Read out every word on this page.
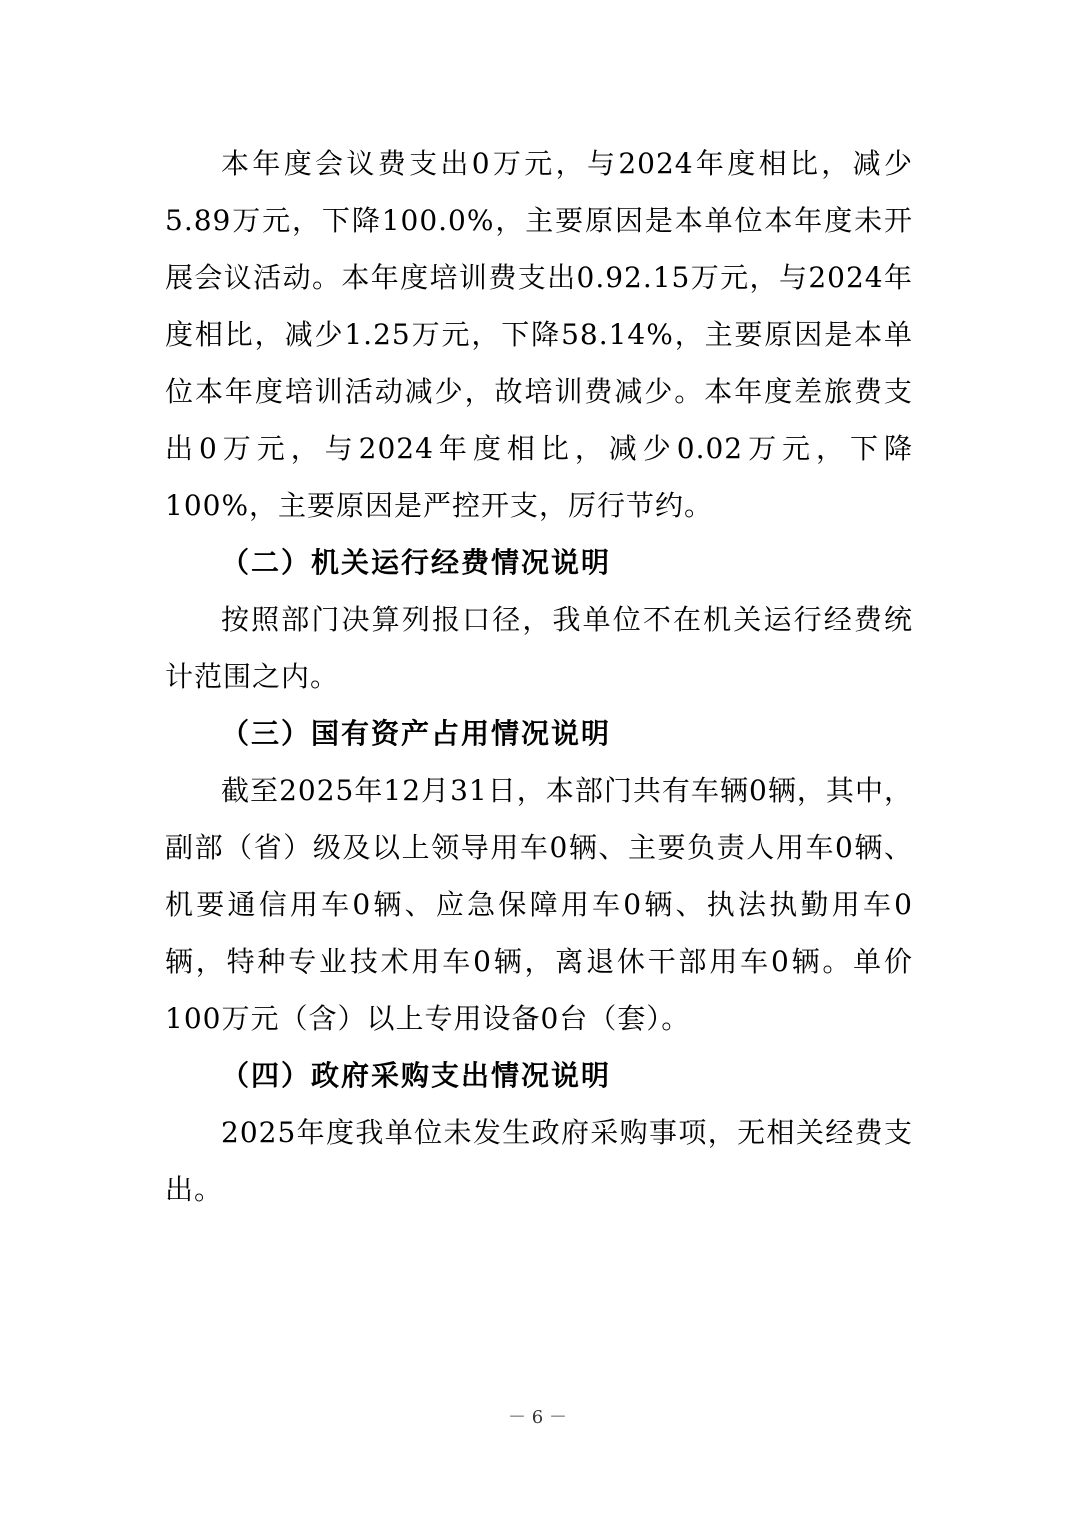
本年度会议费支出0万元，与2024年度相比，减少5.89万元，下降100.0%，主要原因是本单位本年度未开展会议活动。本年度培训费支出0.92.15万元，与2024年度相比，减少1.25万元，下降58.14%，主要原因是本单位本年度培训活动减少，故培训费减少。本年度差旅费支出0万元，与2024年度相比，减少0.02万元，下降100%，主要原因是严控开支，厉行节约。

（二）机关运行经费情况说明

按照部门决算列报口径，我单位不在机关运行经费统计范围之内。

（三）国有资产占用情况说明

截至2025年12月31日，本部门共有车辆0辆，其中，副部（省）级及以上领导用车0辆、主要负责人用车0辆、机要通信用车0辆、应急保障用车0辆、执法执勤用车0辆，特种专业技术用车0辆，离退休干部用车0辆。单价100万元（含）以上专用设备0台（套）。

（四）政府采购支出情况说明

2025年度我单位未发生政府采购事项，无相关经费支出。

－ 6 －
